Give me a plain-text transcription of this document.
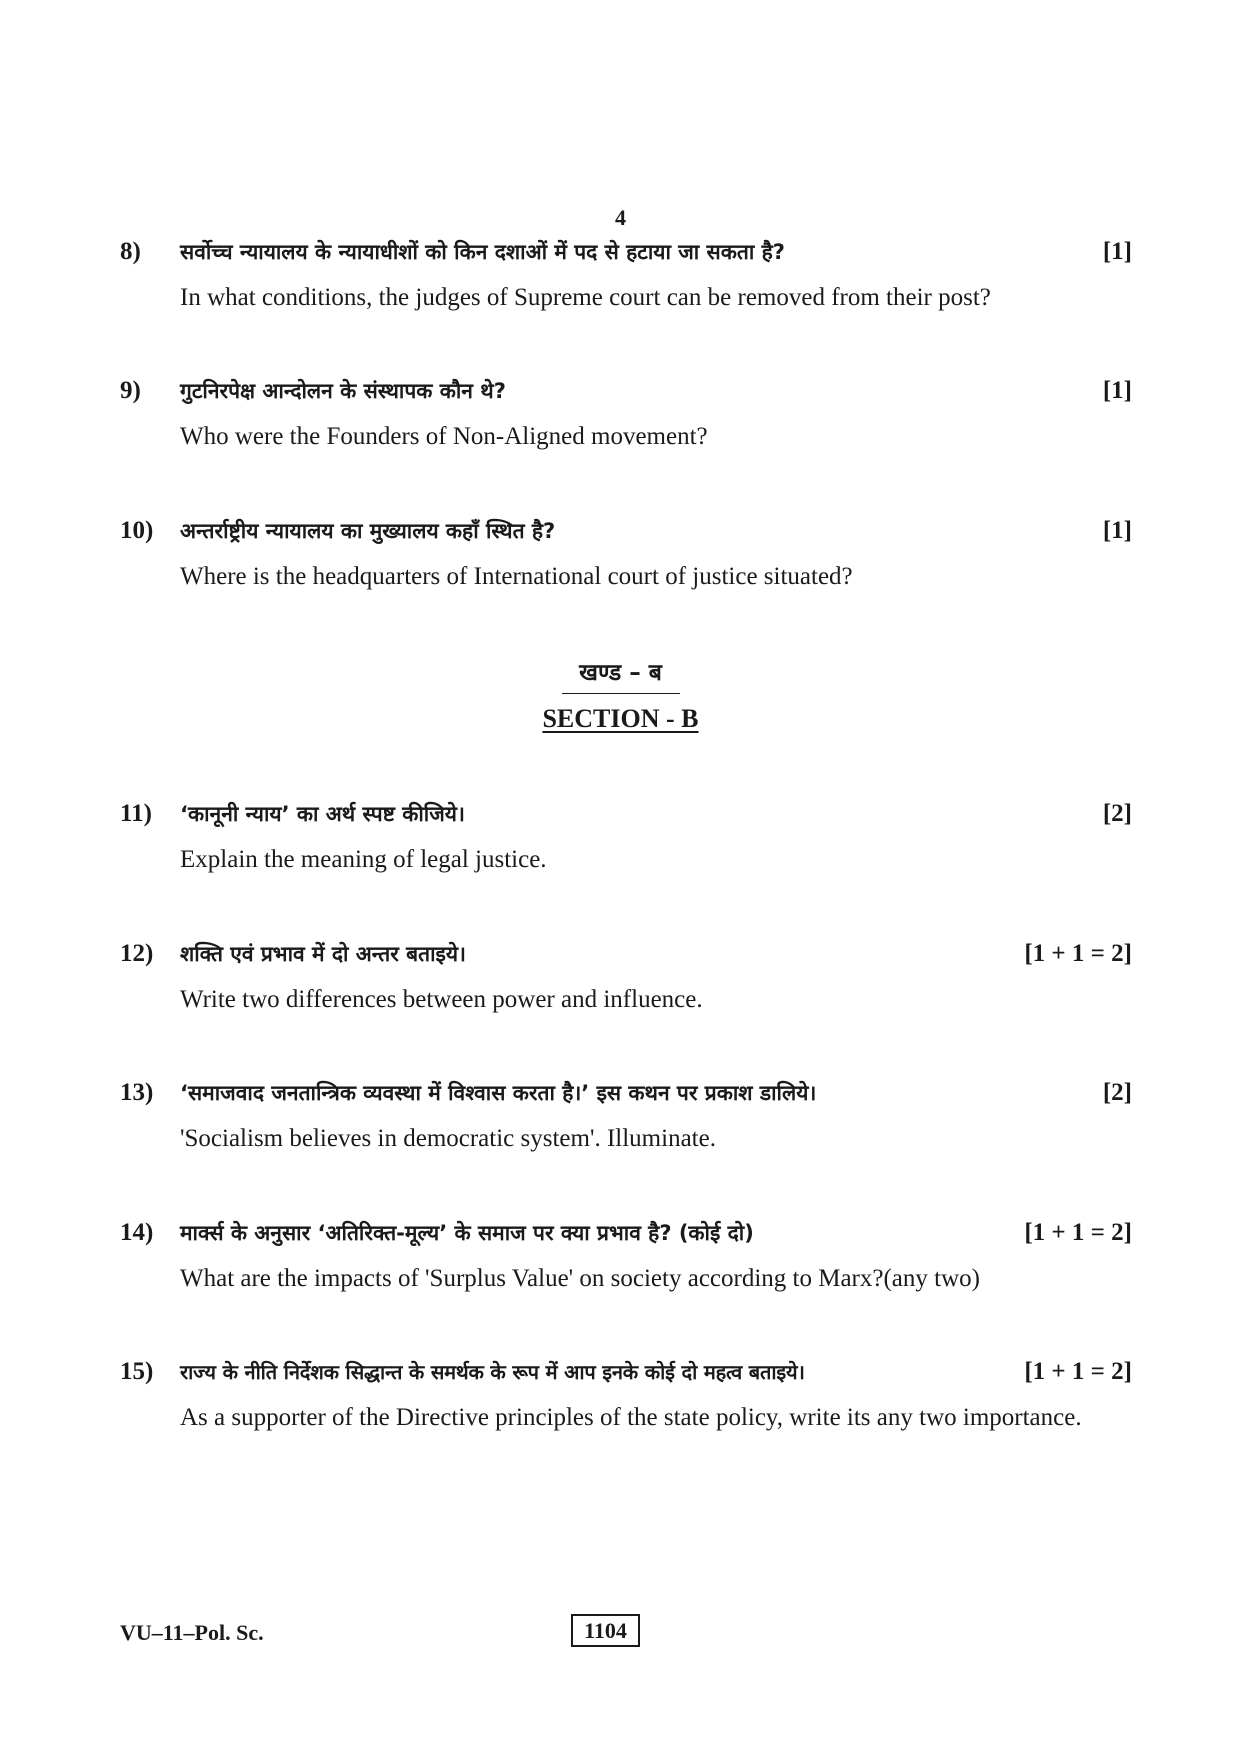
4
8)	सर्वोच्च न्यायालय के न्यायाधीशों को किन दशाओं में पद से हटाया जा सकता है?	[1]
In what conditions, the judges of Supreme court can be removed from their post?
9)	गुटनिरपेक्ष आन्दोलन के संस्थापक कौन थे?	[1]
Who were the Founders of Non-Aligned movement?
10)	अन्तर्राष्ट्रीय न्यायालय का मुख्यालय कहाँ स्थित है?	[1]
Where is the headquarters of International court of justice situated?
खण्ड – ब
SECTION - B
11)	‘कानूनी न्याय’ का अर्थ स्पष्ट कीजिये।	[2]
Explain the meaning of legal justice.
12)	शक्ति एवं प्रभाव में दो अन्तर बताइये।	[1 + 1 = 2]
Write two differences between power and influence.
13)	‘समाजवाद जनतान्त्रिक व्यवस्था में विश्वास करता है।’ इस कथन पर प्रकाश डालिये।	[2]
'Socialism believes in democratic system'. Illuminate.
14)	मार्क्स के अनुसार ‘अतिरिक्त-मूल्य’ के समाज पर क्या प्रभाव है? (कोई दो)	[1 + 1 = 2]
What are the impacts of 'Surplus Value' on society according to Marx?(any two)
15)	राज्य के नीति निर्देशक सिद्धान्त के समर्थक के रूप में आप इनके कोई दो महत्व बताइये।	[1 + 1 = 2]
As a supporter of the Directive principles of the state policy, write its any two importance.
VU–11–Pol. Sc.	1104
